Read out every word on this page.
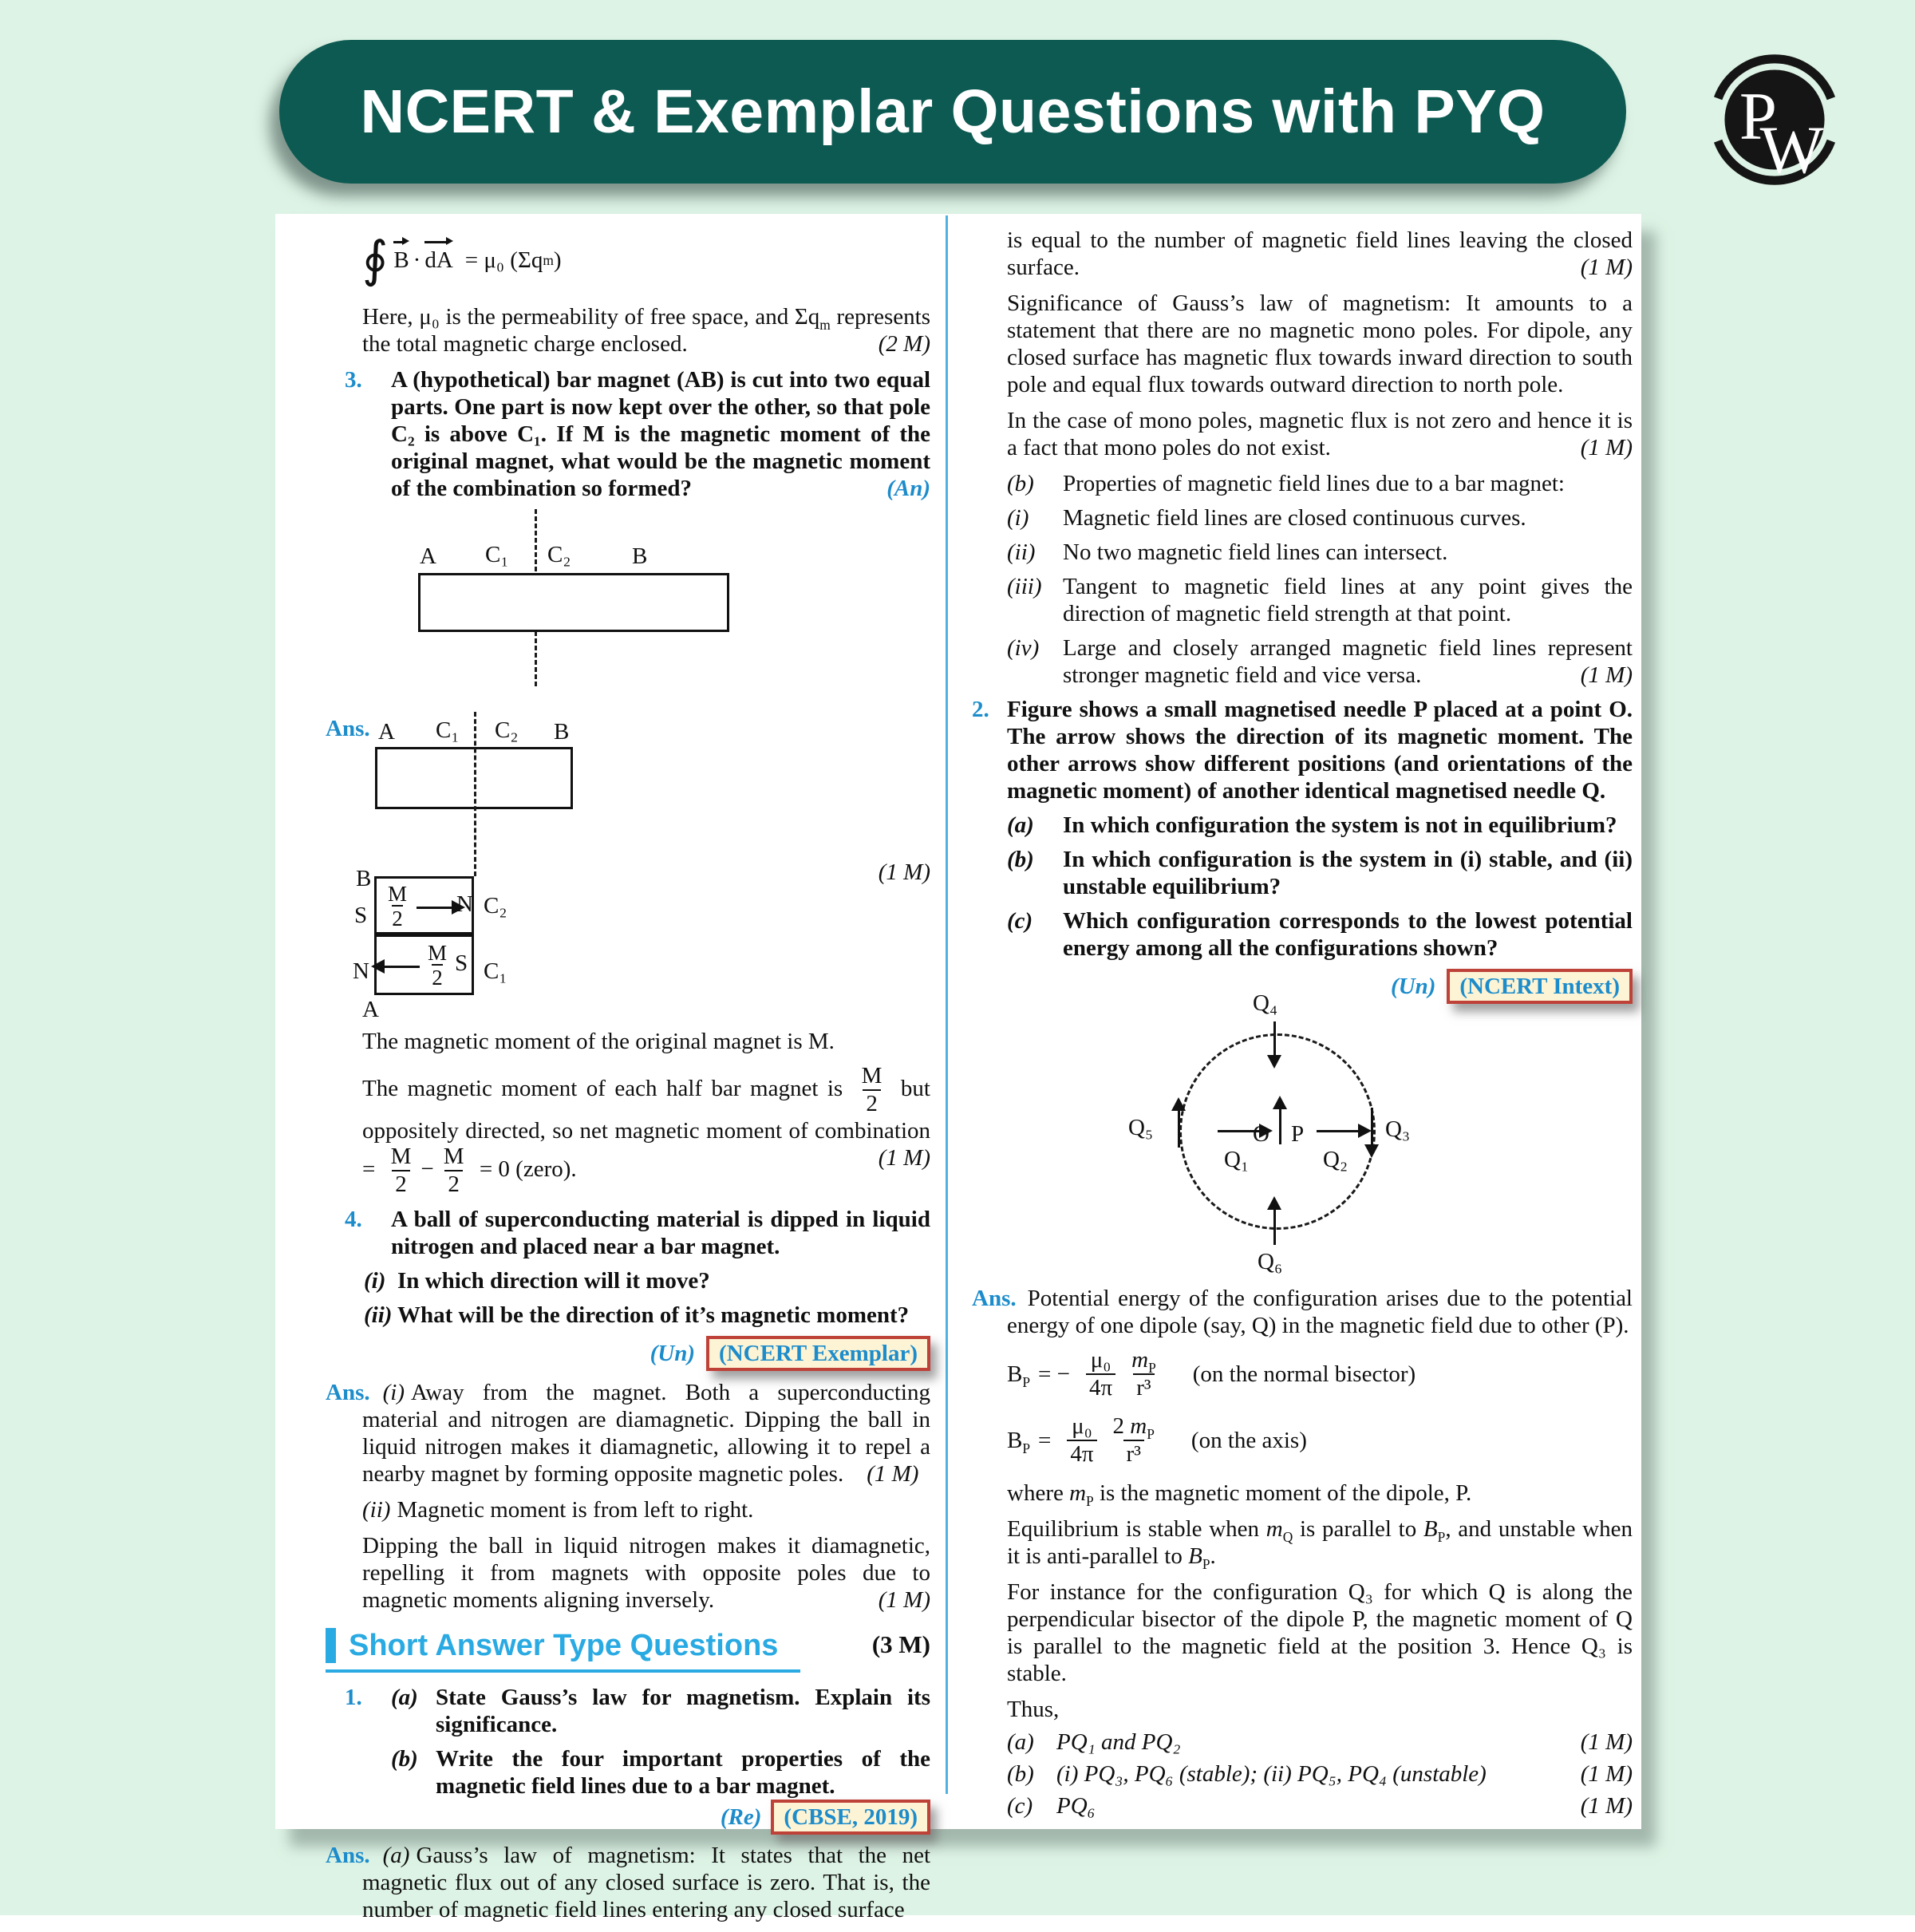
NCERT & Exemplar Questions with PYQ	P
W
∮ B · dA = μ₀ (Σq m )

Here, μ₀ is the permeability of free space, and $\Sigma q_m$ represents the total magnetic charge enclosed.	(2 M)

3.	A (hypothetical) bar magnet (AB) is cut into two equal parts. One part is now kept over the other, so that pole C₂ is above C₁. If M is the magnetic moment of the original magnet, what would be the magnetic moment of the combination so formed?	(An)
A C₁ C₂	B
Ans. A C₁ C₂ B
(1 M)
B
S
N
A
C₂
C₁
$\frac{M}{2}$ N
$\frac{M}{2}$ S

The magnetic moment of the original magnet is M.

The magnetic moment of each half bar magnet is $\frac{M}{2}$ but oppositely directed, so net magnetic moment of combination = $\frac{M}{2} - \frac{M}{2} = 0$ (zero).	(1 M)

4.	A ball of superconducting material is dipped in liquid nitrogen and placed near a bar magnet.
(i) In which direction will it move?
(ii) What will be the direction of it’s magnetic moment?
(Un) (NCERT Exemplar)

Ans. (i) Away from the magnet. Both a superconducting material and nitrogen are diamagnetic. Dipping the ball in liquid nitrogen makes it diamagnetic, allowing it to repel a nearby magnet by forming opposite magnetic poles. (1 M)

(ii) Magnetic moment is from left to right.

Dipping the ball in liquid nitrogen makes it diamagnetic, repelling it from magnets with opposite poles due to magnetic moments aligning inversely.	(1 M)

Short Answer Type Questions	(3 M)
1.	(a) State Gauss’s law for magnetism. Explain its significance.
(b) Write the four important properties of the magnetic field lines due to a bar magnet.
(Re) (CBSE, 2019)

Ans. (a) Gauss’s law of magnetism: It states that the net magnetic flux out of any closed surface is zero. That is, the number of magnetic field lines entering any closed surface

is equal to the number of magnetic field lines leaving the closed surface.	(1 M)

Significance of Gauss’s law of magnetism: It amounts to a statement that there are no magnetic mono poles. For dipole, any closed surface has magnetic flux towards inward direction to south pole and equal flux towards outward direction to north pole.

In the case of mono poles, magnetic flux is not zero and hence it is a fact that mono poles do not exist.	(1 M)

(b)	Properties of magnetic field lines due to a bar magnet:
(i)	Magnetic field lines are closed continuous curves.
(ii)	No two magnetic field lines can intersect.
(iii) Tangent to magnetic field lines at any point gives the direction of magnetic field strength at that point.
(iv)	Large and closely arranged magnetic field lines represent stronger magnetic field and vice versa.	(1 M)
2. Figure shows a small magnetised needle P placed at a point O. The arrow shows the direction of its magnetic moment. The other arrows show different positions (and orientations of the magnetic moment) of another identical magnetised needle Q.
(a)	In which configuration the system is not in equilibrium?
(b)	In which configuration is the system in (i) stable, and (ii) unstable equilibrium?
(c)	Which configuration corresponds to the lowest potential energy among all the configurations shown?
(Un) (NCERT Intext)
Q₄
Q₅
Q₁
O P
Q₂
Q₃
Q₆

Ans. Potential energy of the configuration arises due to the potential energy of one dipole (say, Q) in the magnetic field due to other (P).

$B_P$ = − $\frac{\text{μ₀}}{4\pi} \frac{m_P}{\text{r³}} (on$ the normal bisector)
$B_P = \frac{\text{μ₀}}{4\pi} \frac{2 m_P}{\text{r³}} (on$ the axis)

where $m_P$ is the magnetic moment of the dipole, P.

Equilibrium is stable when $m_Q$ is parallel to $B_P$, and unstable when it is anti-parallel to $B_P$.

For instance for the configuration Q₃ for which Q is along the perpendicular bisector of the dipole P, the magnetic moment of Q is parallel to the magnetic field at the position 3. Hence Q₃ is stable.

Thus,

(a) PQ₁ and PQ₂	(1 M)
(b) (i) PQ₃, PQ₆ (stable); (ii) PQ₅, PQ₄ (unstable)	(1 M)
(c)	PQ₆	(1 M)
